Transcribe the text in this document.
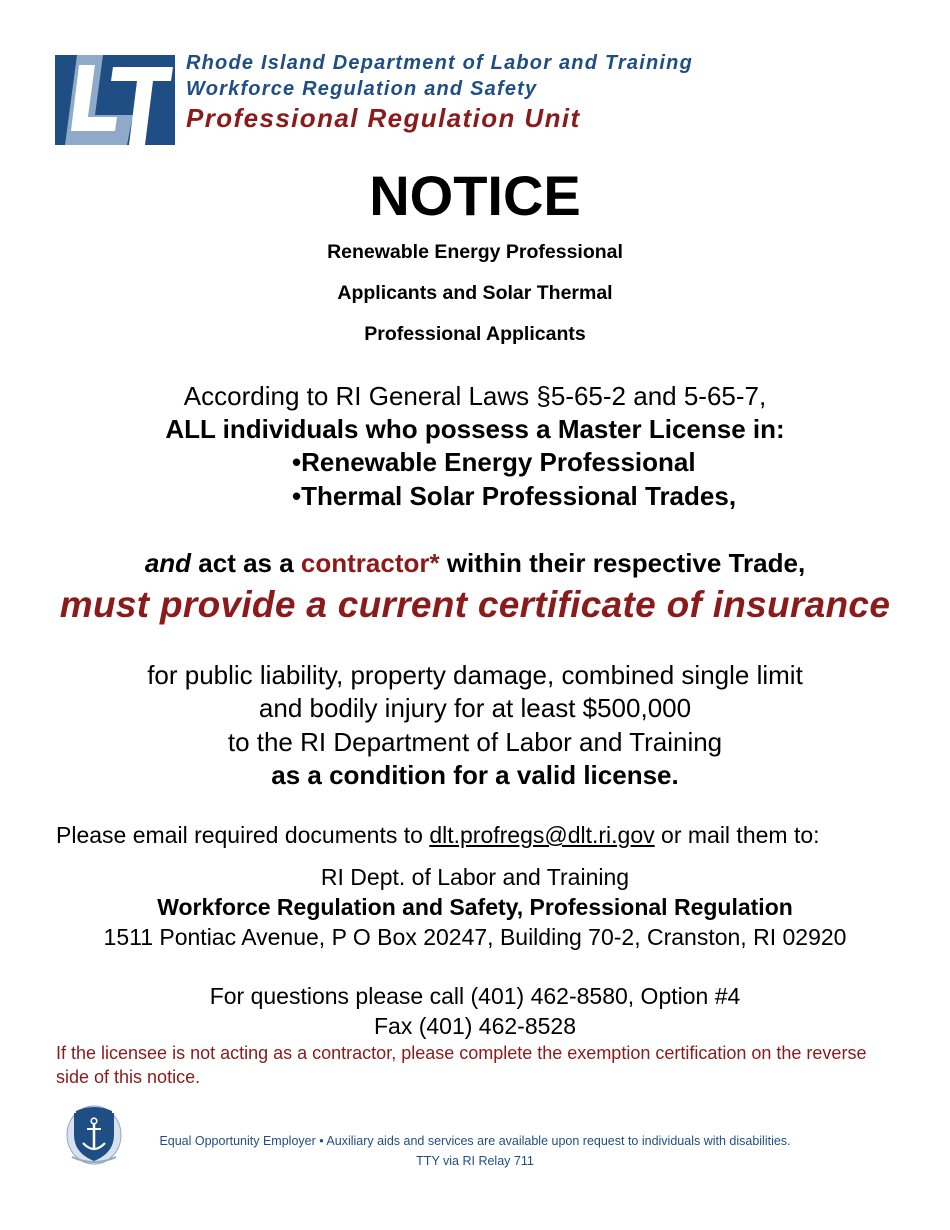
Rhode Island Department of Labor and Training
Workforce Regulation and Safety
Professional Regulation Unit
NOTICE
Renewable Energy Professional
Applicants and Solar Thermal
Professional Applicants
According to RI General Laws §5-65-2 and 5-65-7,
ALL individuals who possess a Master License in:
•Renewable Energy Professional
•Thermal Solar Professional Trades,
and act as a contractor* within their respective Trade,
must provide a current certificate of insurance
for public liability, property damage, combined single limit
and bodily injury for at least $500,000
to the RI Department of Labor and Training
as a condition for a valid license.
Please email required documents to dlt.profregs@dlt.ri.gov or mail them to:
RI Dept. of Labor and Training
Workforce Regulation and Safety, Professional Regulation
1511 Pontiac Avenue, P O Box 20247, Building 70-2, Cranston, RI 02920
For questions please call (401) 462-8580, Option #4
Fax (401) 462-8528
If the licensee is not acting as a contractor, please complete the exemption certification on the reverse side of this notice.
Equal Opportunity Employer • Auxiliary aids and services are available upon request to individuals with disabilities.
TTY via RI Relay 711
